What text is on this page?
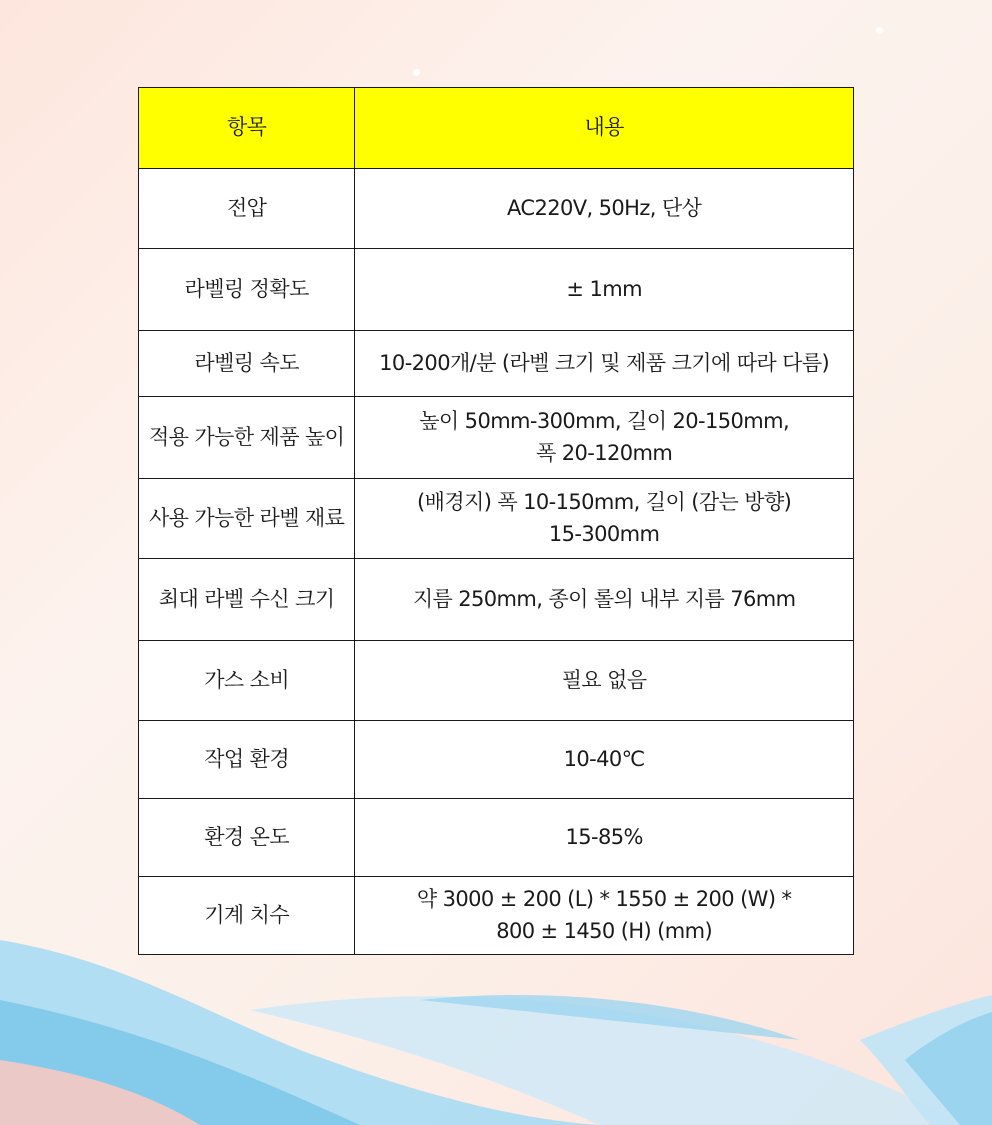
항목	내용
전압	AC220V, 50Hz, 단상

라벨링 정확도	± 1mm

라벨링 속도	10-200개/분 (라벨 크기 및 제품 크기에 따라 다름)

적용 가능한 제품 높이	높이 50mm-300mm, 길이 20-150mm,
폭 20-120mm

사용 가능한 라벨 재료	(배경지) 폭 10-150mm, 길이 (감는 방향)
15-300mm

최대 라벨 수신 크기	지름 250mm, 종이 롤의 내부 지름 76mm

가스 소비	필요 없음

작업 환경	10-40℃

환경 온도	15-85%

기계 치수	약 3000 ± 200 (L) * 1550 ± 200 (W) *
800 ± 1450 (H) (mm)
